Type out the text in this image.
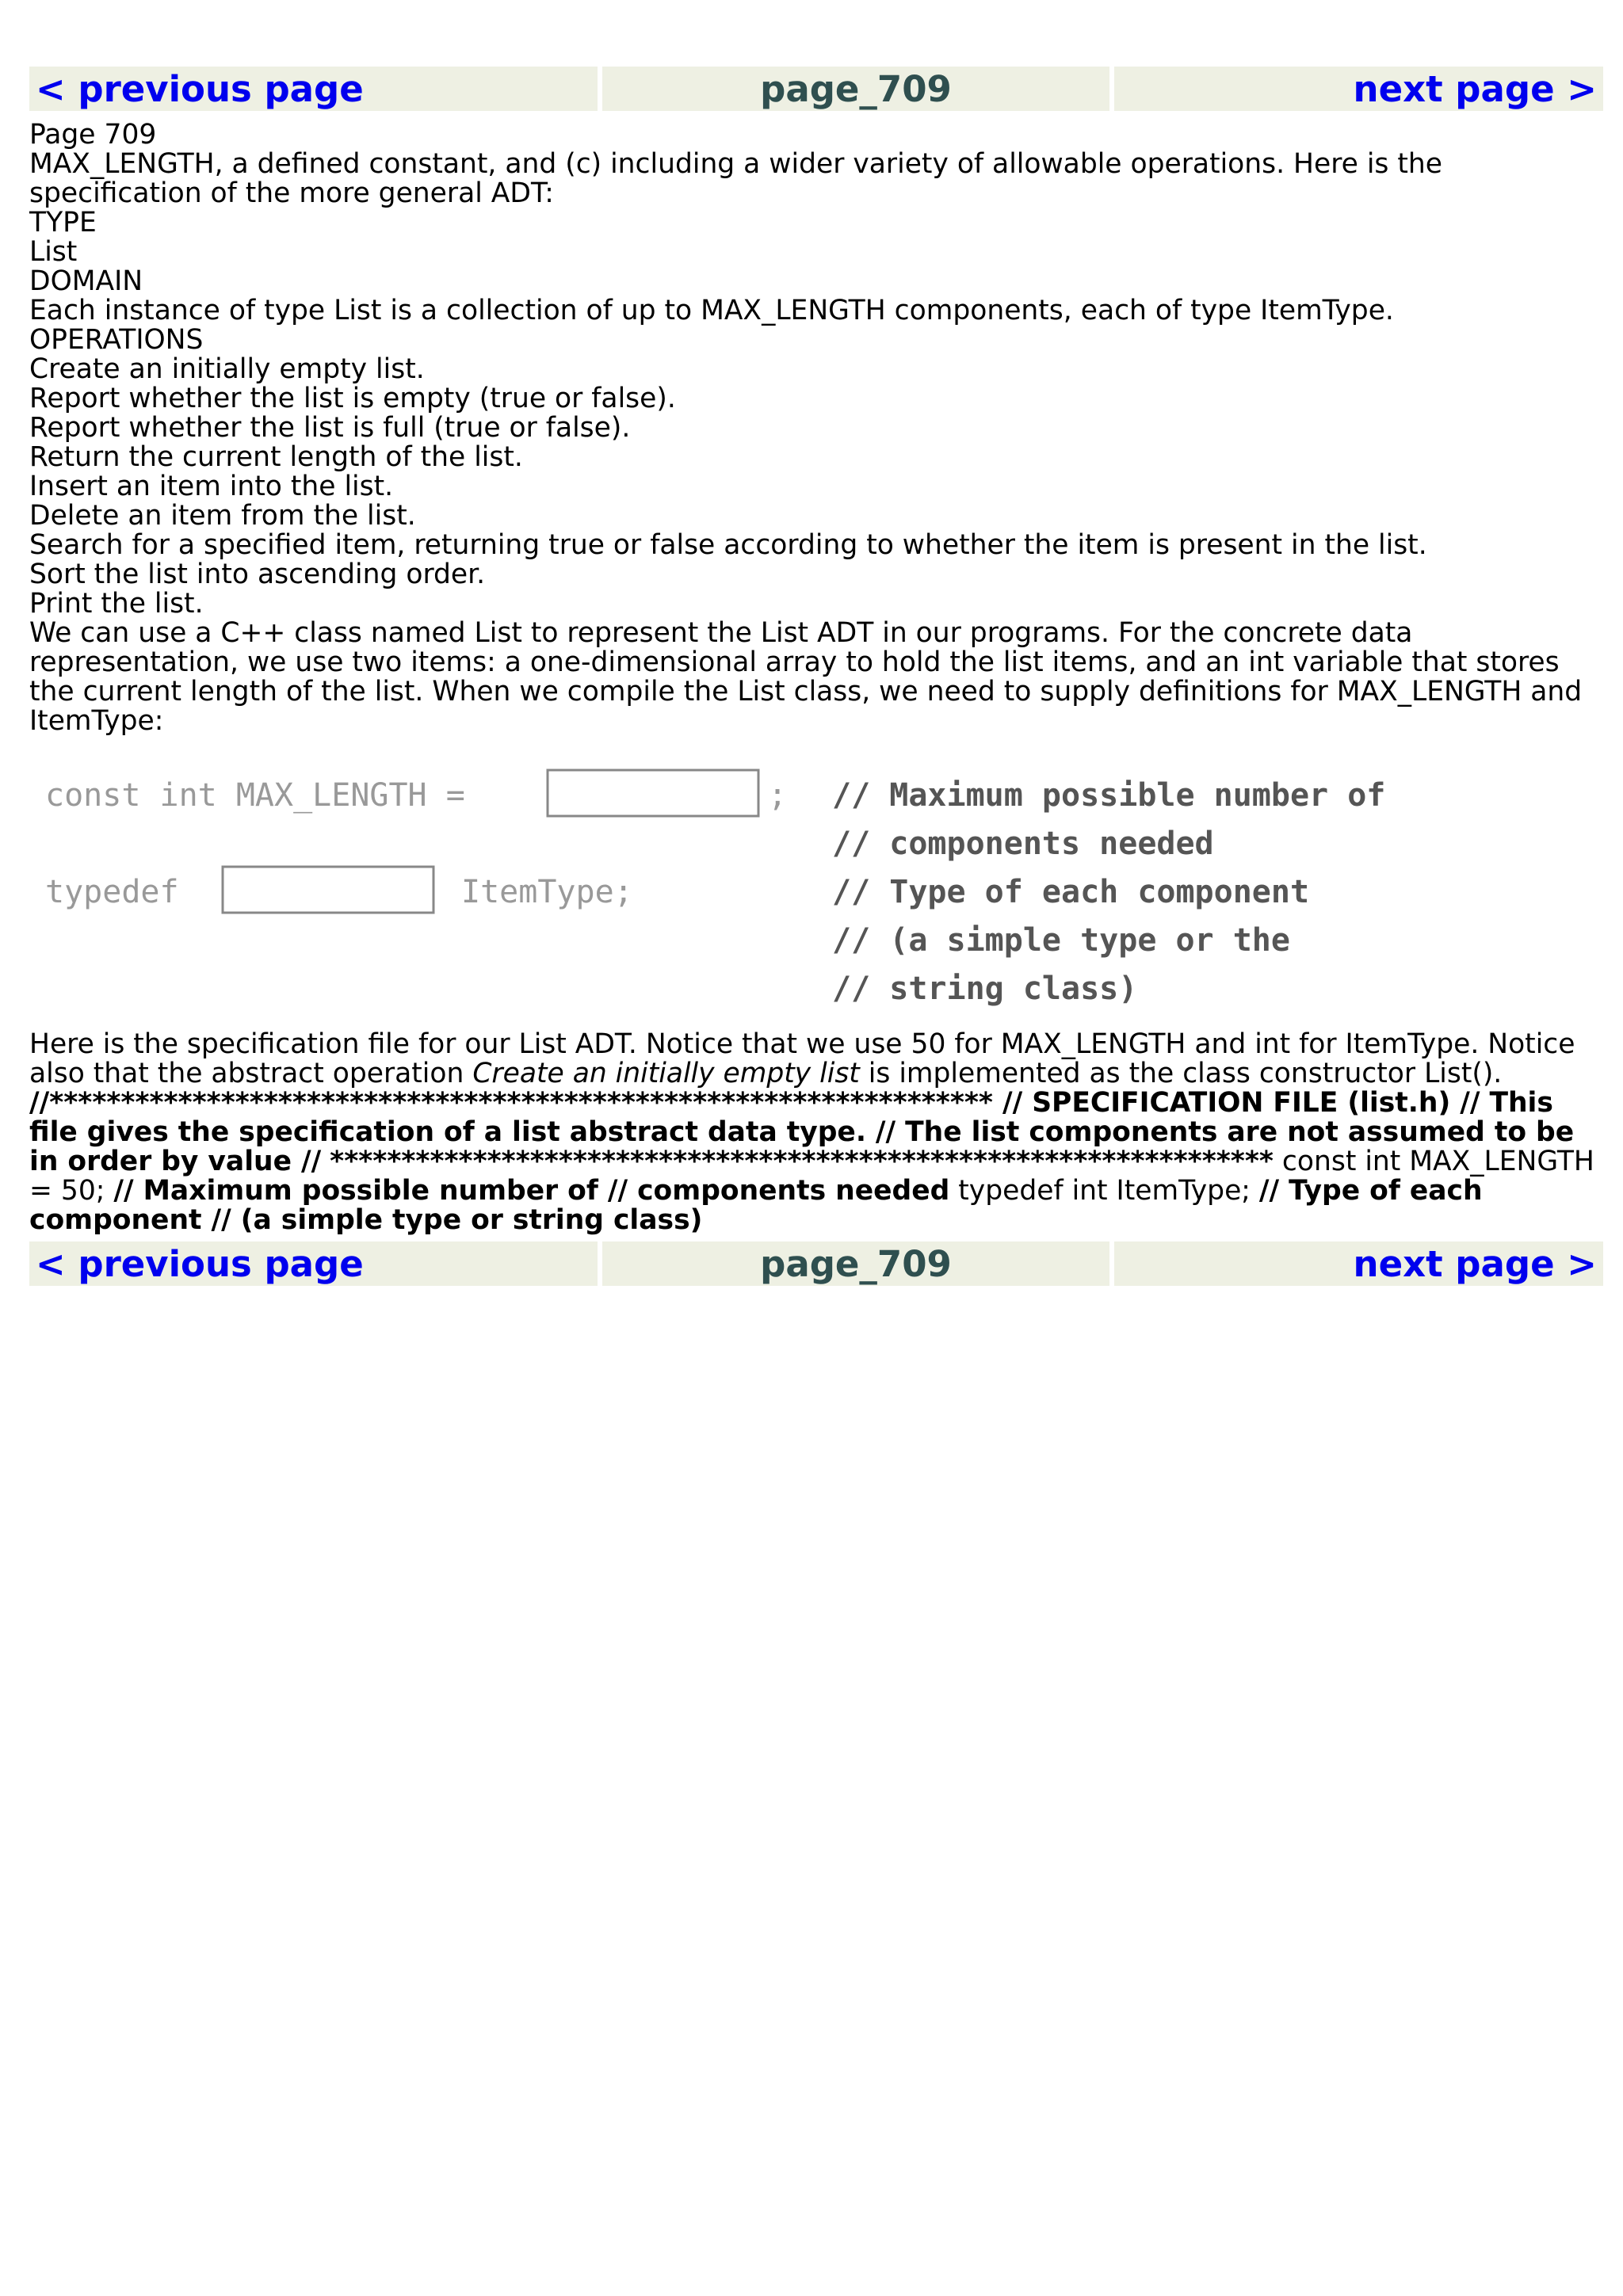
< previous page	page_709	next page >

Page 709

MAX_LENGTH, a defined constant, and (c) including a wider variety of allowable operations. Here is the specification of the more general ADT:

TYPE

List

DOMAIN

Each instance of type List is a collection of up to MAX_LENGTH components, each of type ItemType.

OPERATIONS

Create an initially empty list.

Report whether the list is empty (true or false).

Report whether the list is full (true or false).

Return the current length of the list.

Insert an item into the list.

Delete an item from the list.

Search for a specified item, returning true or false according to whether the item is present in the list.

Sort the list into ascending order.

Print the list.

We can use a C++ class named List to represent the List ADT in our programs. For the concrete data representation, we use two items: a one-dimensional array to hold the list items, and an int variable that stores the current length of the list. When we compile the List class, we need to supply definitions for MAX_LENGTH and ItemType:

const int MAX_LENGTH =	; // Maximum possible number of
// components needed
typedef	ItemType;	// Type of each component
// (a simple type or the
// string class)

Here is the specification file for our List ADT. Notice that we use 50 for MAX_LENGTH and int for ItemType. Notice also that the abstract operation Create an initially empty list is implemented as the class constructor List().

//****************************************************************** // SPECIFICATION FILE (list.h) // This file gives the specification of a list abstract data type. // The list components are not assumed to be in order by value // ****************************************************************** const int MAX_LENGTH = 50; // Maximum possible number of // components needed typedef int ItemType; // Type of each component // (a simple type or string class)

< previous page	page_709	next page >
